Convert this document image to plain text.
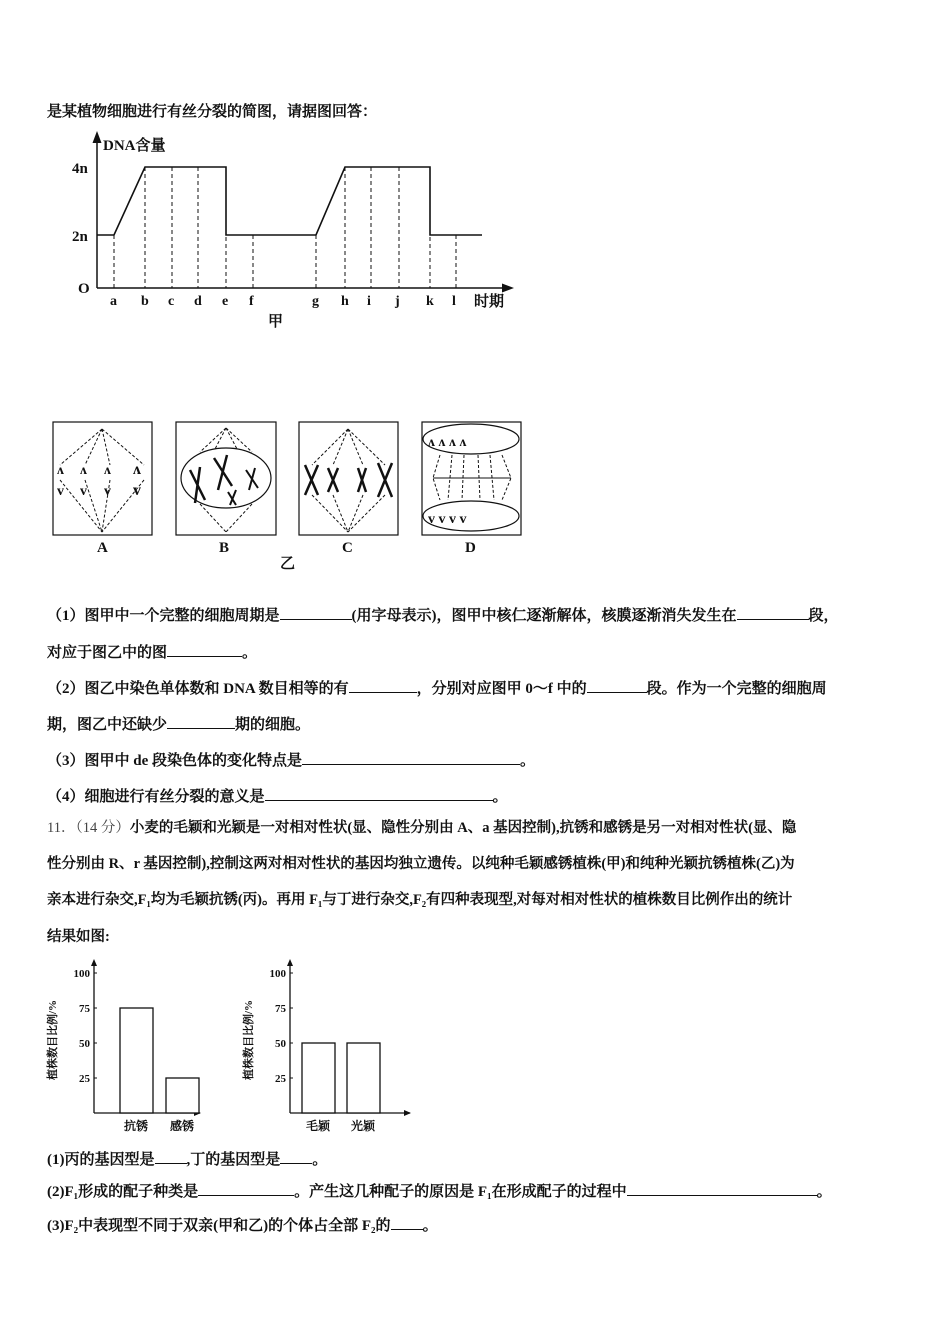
是某植物细胞进行有丝分裂的简图，请据图回答：
DNA含量
4n
2n
O
时期
甲
a b c d e f	g h i j k l
ʌ ʌ ʌ ʌ
v v v v
ʌ ʌ ʌ ʌ
v v v v
A	B	C	D
乙
（1）图甲中一个完整的细胞周期是	(用字母表示)，图甲中核仁逐渐解体，核膜逐渐消失发生在	段，
对应于图乙中的图	。
（2）图乙中染色单体数和 DNA 数目相等的有	，分别对应图甲 0～f 中的	段。作为一个完整的细胞周
期，图乙中还缺少	期的细胞。
（3）图甲中 de 段染色体的变化特点是	。
（4）细胞进行有丝分裂的意义是	。
11．（14 分）小麦的毛颖和光颖是一对相对性状(显、隐性分别由 A、a 基因控制),抗锈和感锈是另一对相对性状(显、隐
性分别由 R、r 基因控制),控制这两对相对性状的基因均独立遗传。以纯种毛颖感锈植株(甲)和纯种光颖抗锈植株(乙)为
亲本进行杂交,F₁均为毛颖抗锈(丙)。再用 F₁与丁进行杂交,F₂有四种表现型,对每对相对性状的植株数目比例作出的统计
结果如图:
100
75
50
25
植株数目比例/%
抗锈 感锈
100
75
50
25
植株数目比例/%
毛颖 光颖
(1)丙的基因型是 ,丁的基因型是 。
(2)F₁形成的配子种类是	。产生这几种配子的原因是 F₁在形成配子的过程中	。
(3)F₂中表现型不同于双亲(甲和乙)的个体占全部 F₂的 。
